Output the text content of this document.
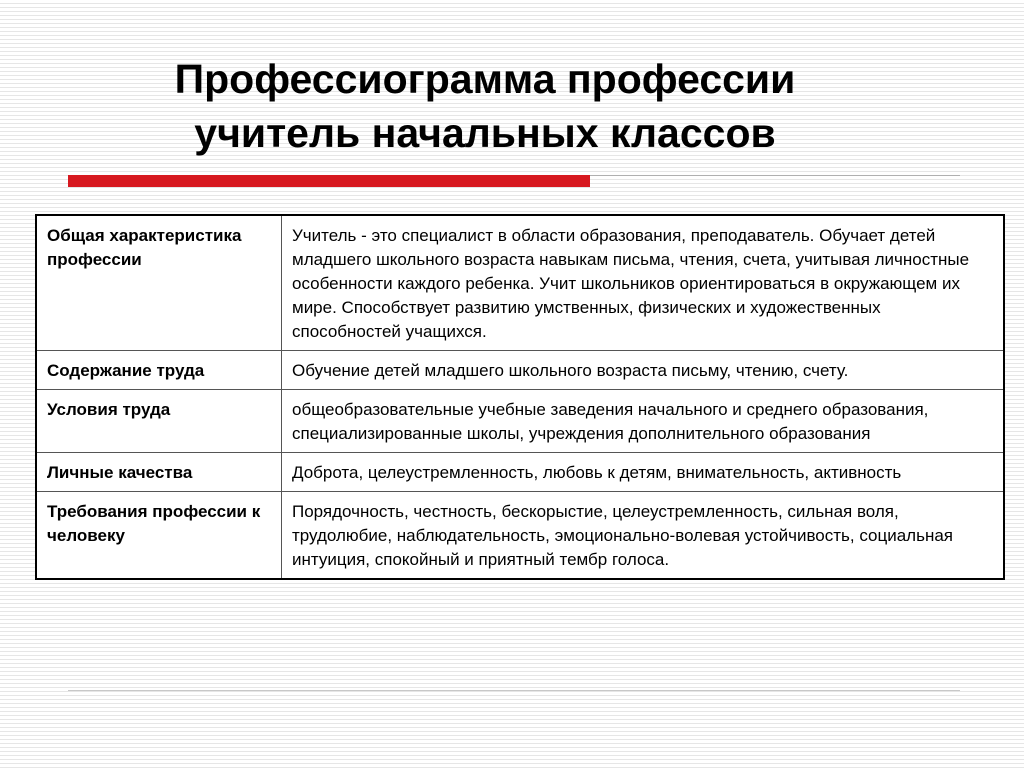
Профессиограмма профессии
учитель начальных классов
Общая характеристика профессии	Учитель - это специалист в области образования, преподаватель. Обучает детей младшего школьного возраста навыкам письма, чтения, счета, учитывая личностные особенности каждого ребенка. Учит школьников ориентироваться в окружающем их мире. Способствует развитию умственных, физических и художественных способностей учащихся.
Содержание труда	Обучение детей младшего школьного возраста письму, чтению, счету.
Условия труда	общеобразовательные учебные заведения начального и среднего образования, специализированные школы, учреждения дополнительного образования
Личные качества	Доброта, целеустремленность, любовь к детям, внимательность, активность
Требования профессии к человеку	Порядочность, честность, бескорыстие, целеустремленность, сильная воля, трудолюбие, наблюдательность, эмоционально-волевая устойчивость, социальная интуиция, спокойный и приятный тембр голоса.
